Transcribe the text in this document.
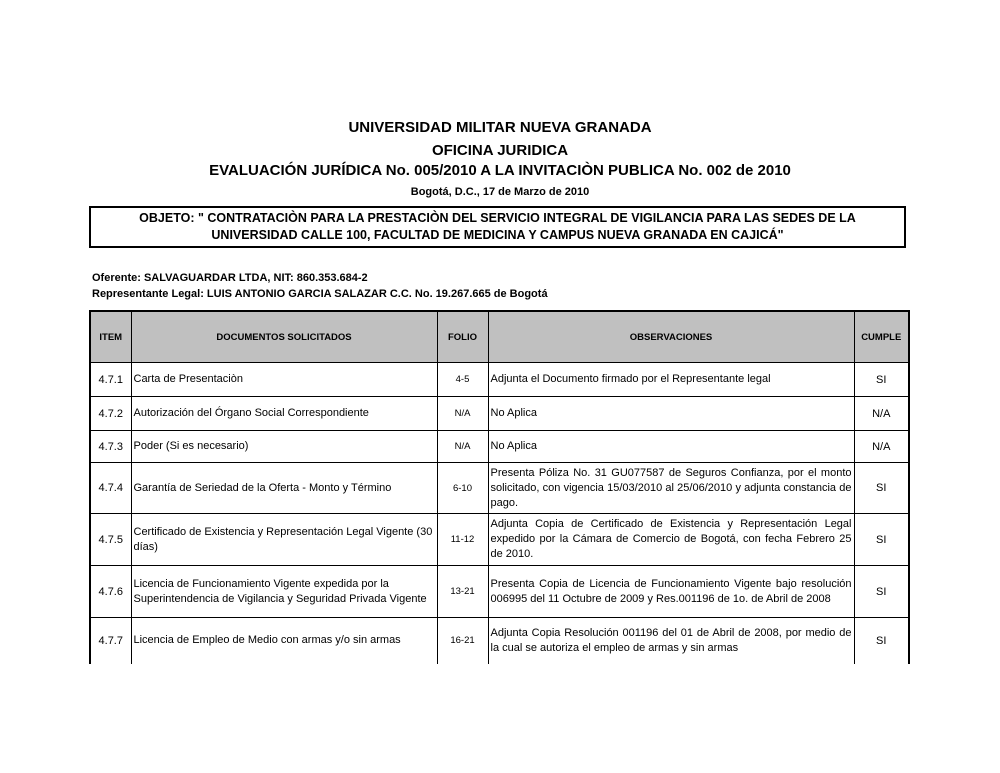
UNIVERSIDAD MILITAR NUEVA GRANADA
OFICINA JURIDICA
EVALUACIÓN JURÍDICA No. 005/2010 A LA INVITACIÒN PUBLICA No. 002 de 2010
Bogotá, D.C., 17 de Marzo de 2010
OBJETO: " CONTRATACIÒN PARA LA PRESTACIÒN DEL SERVICIO INTEGRAL DE VIGILANCIA PARA LAS SEDES DE LA UNIVERSIDAD CALLE 100, FACULTAD DE MEDICINA Y CAMPUS NUEVA GRANADA EN CAJICÁ"
Oferente: SALVAGUARDAR LTDA, NIT: 860.353.684-2
Representante Legal: LUIS ANTONIO GARCIA SALAZAR C.C. No. 19.267.665 de Bogotá
ITEM	DOCUMENTOS SOLICITADOS	FOLIO	OBSERVACIONES	CUMPLE
4.7.1	Carta de Presentaciòn	4-5	Adjunta el Documento firmado por el Representante legal	SI
4.7.2	Autorización del Órgano Social Correspondiente	N/A	No Aplica	N/A
4.7.3	Poder (Si es necesario)	N/A	No Aplica	N/A
4.7.4	Garantía de Seriedad de la Oferta - Monto y Término	6-10	Presenta Póliza No. 31 GU077587 de Seguros Confianza, por el monto solicitado, con vigencia 15/03/2010 al 25/06/2010 y adjunta constancia de pago.	SI
4.7.5	Certificado de Existencia y Representación Legal Vigente (30 días)	11-12	Adjunta Copia de Certificado de Existencia y Representación Legal expedido por la Cámara de Comercio de Bogotá, con fecha Febrero 25 de 2010.	SI
4.7.6	Licencia de Funcionamiento Vigente expedida por la Superintendencia de Vigilancia y Seguridad Privada Vigente	13-21	Presenta Copia de Licencia de Funcionamiento Vigente bajo resolución 006995 del 11 Octubre de 2009 y Res.001196 de 1o. de Abril de 2008	SI
4.7.7	Licencia de Empleo de Medio con armas y/o sin armas	16-21	Adjunta Copia Resolución 001196 del 01 de Abril de 2008, por medio de la cual se autoriza el empleo de armas y sin armas	SI
